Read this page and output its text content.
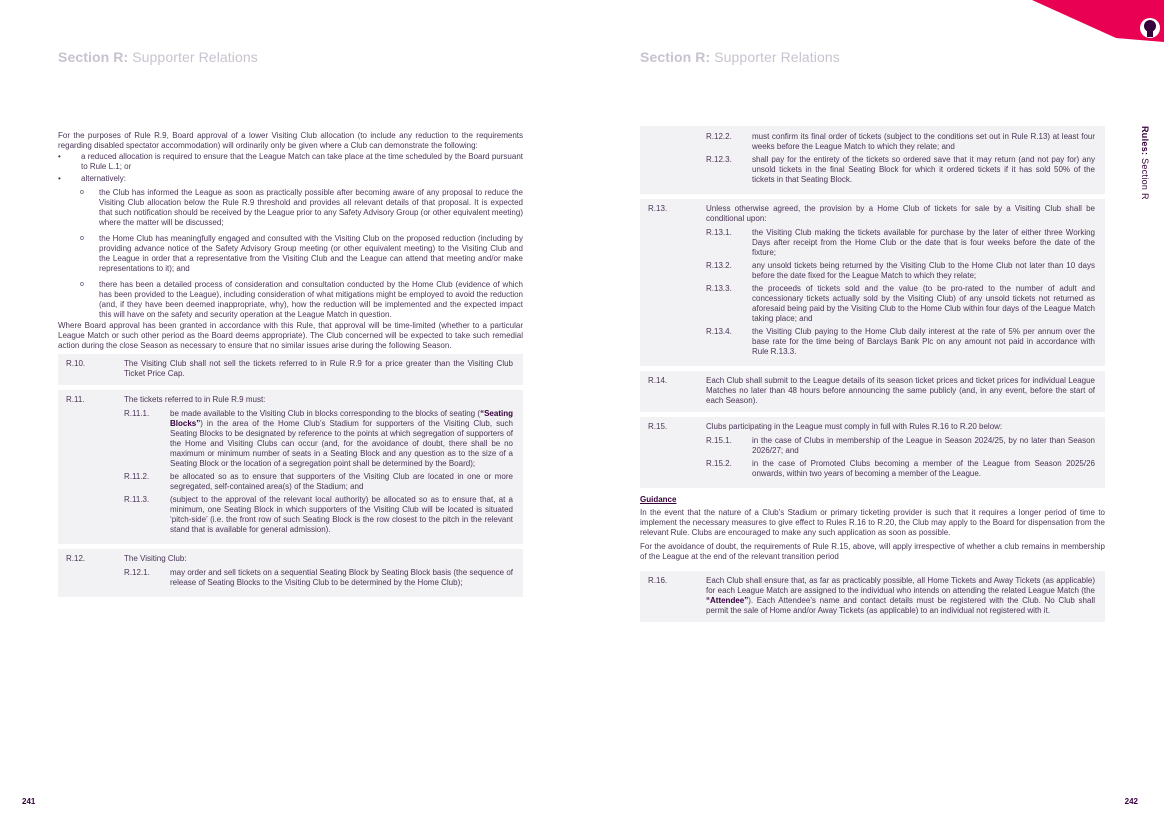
Section R: Supporter Relations

For the purposes of Rule R.9, Board approval of a lower Visiting Club allocation (to include any reduction to the requirements regarding disabled spectator accommodation) will ordinarily only be given where a Club can demonstrate the following:

•	a reduced allocation is required to ensure that the League Match can take place at the time scheduled by the Board pursuant to Rule L.1; or
•	alternatively:
o the Club has informed the League as soon as practically possible after becoming aware of any proposal to reduce the Visiting Club allocation below the Rule R.9 threshold and provides all relevant details of that proposal. It is expected that such notification should be received by the League prior to any Safety Advisory Group (or other equivalent meeting) where the matter will be discussed;
o the Home Club has meaningfully engaged and consulted with the Visiting Club on the proposed reduction (including by providing advance notice of the Safety Advisory Group meeting (or other equivalent meeting) to the Visiting Club and the League in order that a representative from the Visiting Club and the League can attend that meeting and/or make representations to it); and
o there has been a detailed process of consideration and consultation conducted by the Home Club (evidence of which has been provided to the League), including consideration of what mitigations might be employed to avoid the reduction (and, if they have been deemed inappropriate, why), how the reduction will be implemented and the expected impact this will have on the safety and security operation at the League Match in question.

Where Board approval has been granted in accordance with this Rule, that approval will be time-limited (whether to a particular League Match or such other period as the Board deems appropriate). The Club concerned will be expected to take such remedial action during the close Season as necessary to ensure that no similar issues arise during the following Season.

R.10.	The Visiting Club shall not sell the tickets referred to in Rule R.9 for a price greater than the Visiting Club Ticket Price Cap.
R.11.	The tickets referred to in Rule R.9 must:
R.11.1.	be made available to the Visiting Club in blocks corresponding to the blocks of seating (“Seating Blocks”) in the area of the Home Club’s Stadium for supporters of the Visiting Club, such Seating Blocks to be designated by reference to the points at which segregation of supporters of the Home and Visiting Clubs can occur (and, for the avoidance of doubt, there shall be no maximum or minimum number of seats in a Seating Block and any question as to the size of a Seating Block or the location of a segregation point shall be determined by the Board);
R.11.2.	be allocated so as to ensure that supporters of the Visiting Club are located in one or more segregated, self-contained area(s) of the Stadium; and
R.11.3.	(subject to the approval of the relevant local authority) be allocated so as to ensure that, at a minimum, one Seating Block in which supporters of the Visiting Club will be located is situated ‘pitch-side’ (i.e. the front row of such Seating Block is the row closest to the pitch in the relevant stand that is available for general admission).
R.12.	The Visiting Club:
R.12.1.	may order and sell tickets on a sequential Seating Block by Seating Block basis (the sequence of release of Seating Blocks to the Visiting Club to be determined by the Home Club);
241
Section R: Supporter Relations
R.12.2.	must confirm its final order of tickets (subject to the conditions set out in Rule R.13) at least four weeks before the League Match to which they relate; and
R.12.3.	shall pay for the entirety of the tickets so ordered save that it may return (and not pay for) any unsold tickets in the final Seating Block for which it ordered tickets if it has sold 50% of the tickets in that Seating Block.
R.13.	Unless otherwise agreed, the provision by a Home Club of tickets for sale by a Visiting Club shall be conditional upon:
R.13.1.	the Visiting Club making the tickets available for purchase by the later of either three Working Days after receipt from the Home Club or the date that is four weeks before the date of the fixture;
R.13.2.	any unsold tickets being returned by the Visiting Club to the Home Club not later than 10 days before the date fixed for the League Match to which they relate;
R.13.3.	the proceeds of tickets sold and the value (to be pro-rated to the number of adult and concessionary tickets actually sold by the Visiting Club) of any unsold tickets not returned as aforesaid being paid by the Visiting Club to the Home Club within four days of the League Match taking place; and
R.13.4.	the Visiting Club paying to the Home Club daily interest at the rate of 5% per annum over the base rate for the time being of Barclays Bank Plc on any amount not paid in accordance with Rule R.13.3.
R.14.	Each Club shall submit to the League details of its season ticket prices and ticket prices for individual League Matches no later than 48 hours before announcing the same publicly (and, in any event, before the start of each Season).
R.15.	Clubs participating in the League must comply in full with Rules R.16 to R.20 below:
R.15.1.	in the case of Clubs in membership of the League in Season 2024/25, by no later than Season 2026/27; and
R.15.2.	in the case of Promoted Clubs becoming a member of the League from Season 2025/26 onwards, within two years of becoming a member of the League.
Guidance
In the event that the nature of a Club’s Stadium or primary ticketing provider is such that it requires a longer period of time to implement the necessary measures to give effect to Rules R.16 to R.20, the Club may apply to the Board for dispensation from the relevant Rule. Clubs are encouraged to make any such application as soon as possible.
For the avoidance of doubt, the requirements of Rule R.15, above, will apply irrespective of whether a club remains in membership of the League at the end of the relevant transition period
R.16.	Each Club shall ensure that, as far as practicably possible, all Home Tickets and Away Tickets (as applicable) for each League Match are assigned to the individual who intends on attending the related League Match (the “Attendee”). Each Attendee’s name and contact details must be registered with the Club. No Club shall permit the sale of Home and/or Away Tickets (as applicable) to an individual not registered with it.
Rules: Section R
242
